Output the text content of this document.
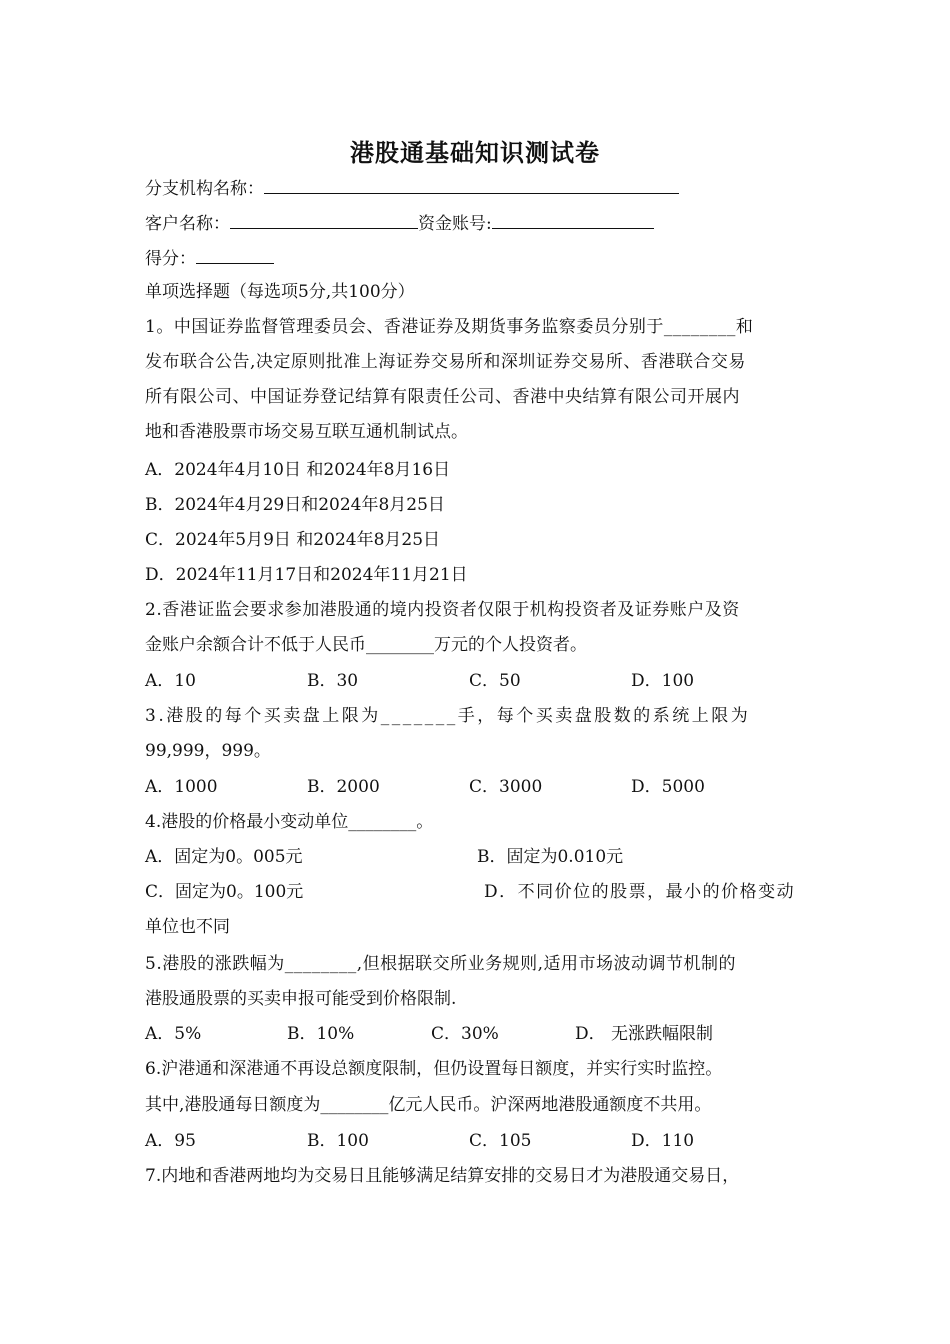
港股通基础知识测试卷
分支机构名称：
客户名称：	资金账号:
得分：
单项选择题（每选项5分,共100分）
1。中国证券监督管理委员会、香港证券及期货事务监察委员分别于________和
发布联合公告,决定原则批准上海证券交易所和深圳证券交易所、香港联合交易
所有限公司、中国证券登记结算有限责任公司、香港中央结算有限公司开展内
地和香港股票市场交易互联互通机制试点。
A．2024年4月10日 和2024年8月16日
B．2024年4月29日和2024年8月25日
C．2024年5月9日 和2024年8月25日
D．2024年11月17日和2024年11月21日
2.香港证监会要求参加港股通的境内投资者仅限于机构投资者及证券账户及资
金账户余额合计不低于人民币________万元的个人投资者。
A．10	B．30	C．50	D．100
3.港股的每个买卖盘上限为_______手，每个买卖盘股数的系统上限为
99,999，999。
A．1000	B．2000	C．3000	D．5000
4.港股的价格最小变动单位________。
A．固定为0。005元	B．固定为0.010元
C．固定为0。100元	D．不同价位的股票，最小的价格变动
单位也不同
5.港股的涨跌幅为________,但根据联交所业务规则,适用市场波动调节机制的
港股通股票的买卖申报可能受到价格限制.
A．5%	B．10%	C．30%	D． 无涨跌幅限制
6.沪港通和深港通不再设总额度限制，但仍设置每日额度，并实行实时监控。
其中,港股通每日额度为________亿元人民币。沪深两地港股通额度不共用。
A．95	B．100	C．105	D．110
7.内地和香港两地均为交易日且能够满足结算安排的交易日才为港股通交易日，
